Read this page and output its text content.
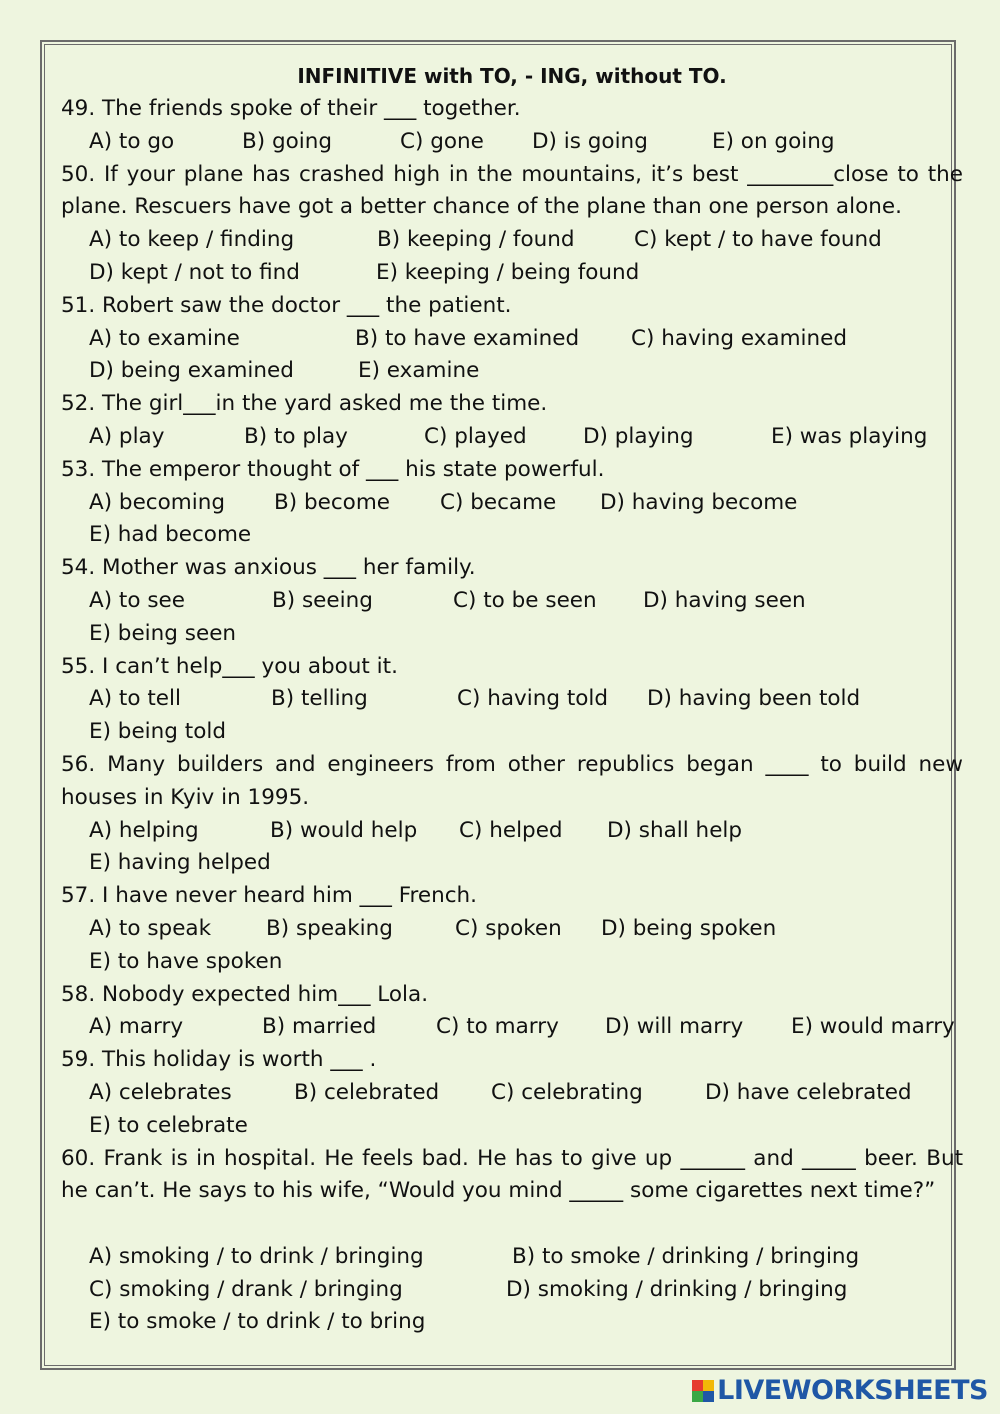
INFINITIVE with TO, - ING, without TO.
49. The friends spoke of their ___ together.
A) to go	B) going	C) gone D) is going	E) on going
50. If your plane has crashed high in the mountains, it’s best ________close to the plane. Rescuers have got a better chance of the plane than one person alone.
A) to keep / finding	B) keeping / found	C) kept / to have found
D) kept / not to find	E) keeping / being found
51. Robert saw the doctor ___ the patient.
A) to examine	B) to have examined C) having examined
D) being examined	E) examine
52. The girl___in the yard asked me the time.
A) play	B) to play	C) played	D) playing	E) was playing
53. The emperor thought of ___ his state powerful.
A) becoming B) become C) became D) having become
E) had become
54. Mother was anxious ___ her family.
A) to see	B) seeing	C) to be seen D) having seen
E) being seen
55. I can’t help___ you about it.
A) to tell	B) telling	C) having told D) having been told
E) being told
56. Many builders and engineers from other republics began ____ to build new houses in Kyiv in 1995.
A) helping	B) would help C) helped D) shall help
E) having helped
57. I have never heard him ___ French.
A) to speak	B) speaking	C) spoken D) being spoken
E) to have spoken
58. Nobody expected him___ Lola.
A) marry	B) married	C) to marry D) will marry E) would marry
59. This holiday is worth ___ .
A) celebrates	B) celebrated C) celebrating	D) have celebrated
E) to celebrate
60. Frank is in hospital. He feels bad. He has to give up ______ and _____ beer. But he can’t. He says to his wife, “Would you mind _____ some cigarettes next time?”
A) smoking / to drink / bringing	B) to smoke / drinking / bringing
C) smoking / drank / bringing	D) smoking / drinking / bringing
E) to smoke / to drink / to bring
LIVEWORKSHEETS
